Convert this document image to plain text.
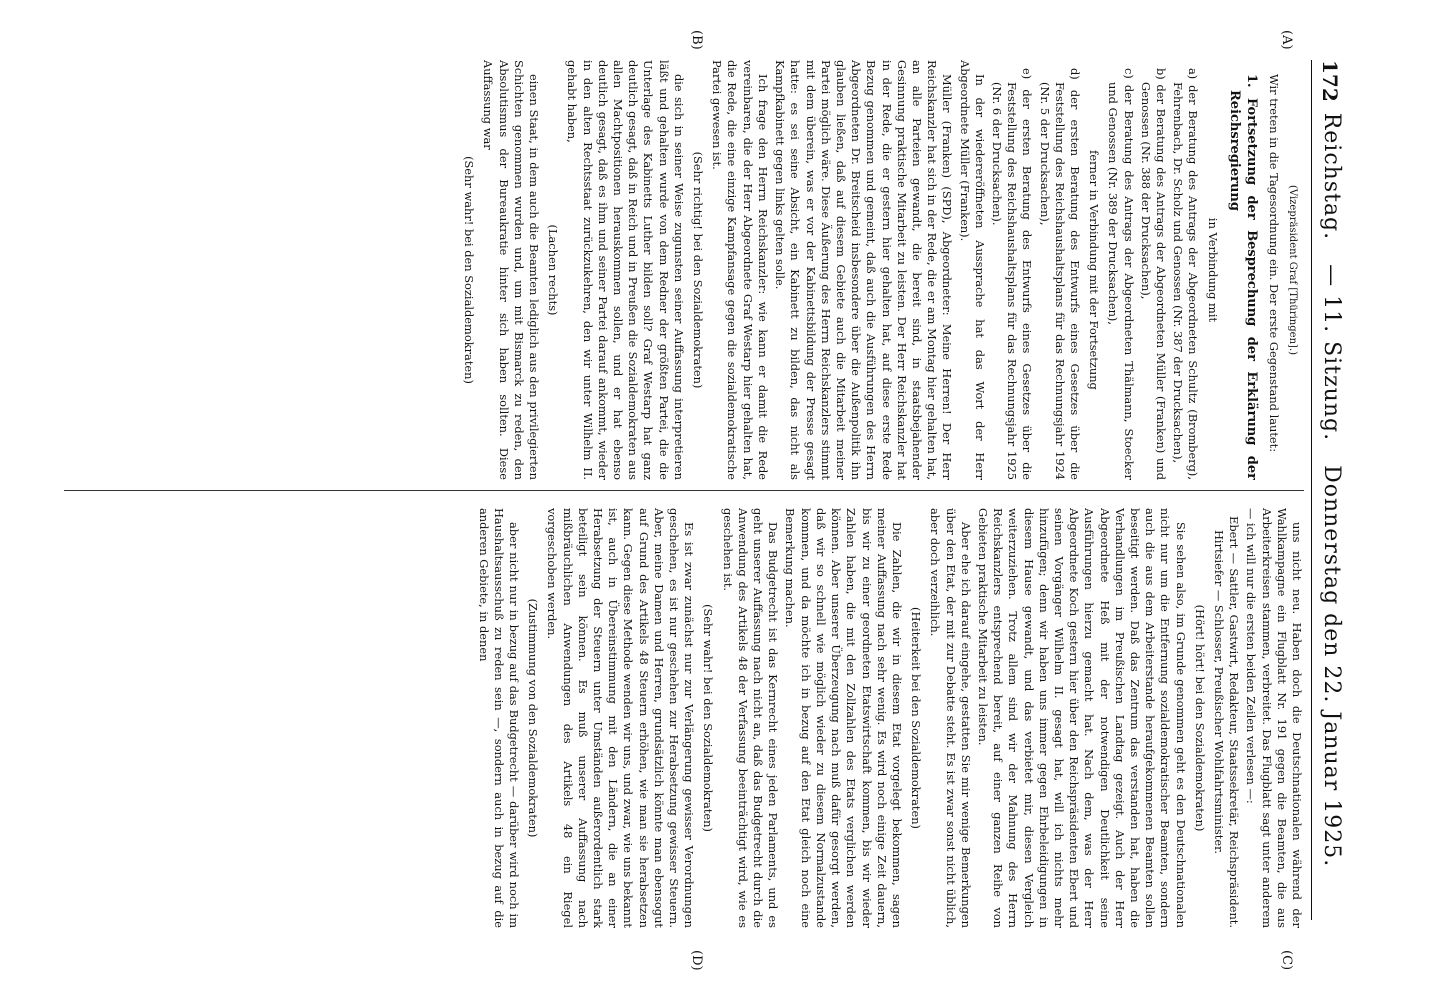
172
Reichstag. — 11. Sitzung. Donnerstag den 22. Januar 1925.
(A)
(B)
(C)
(D)

(Vizepräsident Graf [Thüringen].)

Wir treten in die Tagesordnung ein. Der erste Gegenstand lautet:

1. Fortsetzung der Besprechung der Erklärung der Reichsregierung

in Verbindung mit

a) der Beratung des Antrags der Abgeordneten Schultz (Bromberg), Fehrenbach, Dr. Scholz und Genossen (Nr. 387 der Drucksachen),

b) der Beratung des Antrags der Abgeordneten Müller (Franken) und Genossen (Nr. 388 der Drucksachen),

c) der Beratung des Antrags der Abgeordneten Thälmann, Stoecker und Genossen (Nr. 389 der Drucksachen),

ferner in Verbindung mit der Fortsetzung

d) der ersten Beratung des Entwurfs eines Gesetzes über die Feststellung des Reichshaushaltsplans für das Rechnungsjahr 1924 (Nr. 5 der Drucksachen),

e) der ersten Beratung des Entwurfs eines Gesetzes über die Feststellung des Reichshaushaltsplans für das Rechnungsjahr 1925 (Nr. 6 der Drucksachen).

In der wiedereröffneten Aussprache hat das Wort der Herr Abgeordnete Müller (Franken).

Müller (Franken) (SPD), Abgeordneter: Meine Herren! Der Herr Reichskanzler hat sich in der Rede, die er am Montag hier gehalten hat, an alle Parteien gewandt, die bereit sind, in staatsbejahender Gesinnung praktische Mitarbeit zu leisten. Der Herr Reichskanzler hat in der Rede, die er gestern hier gehalten hat, auf diese erste Rede Bezug genommen und gemeint, daß auch die Ausführungen des Herrn Abgeordneten Dr. Breitscheid insbesondere über die Außenpolitik ihn glauben ließen, daß auf diesem Gebiete auch die Mitarbeit meiner Partei möglich wäre. Diese Äußerung des Herrn Reichskanzlers stimmt mit dem überein, was er vor der Kabinettsbildung der Presse gesagt hatte: es sei seine Absicht, ein Kabinett zu bilden, das nicht als Kampfkabinett gegen links gelten solle.

Ich frage den Herrn Reichskanzler: wie kann er damit die Rede vereinbaren, die der Herr Abgeordnete Graf Westarp hier gehalten hat, die Rede, die eine einzige Kampfansage gegen die sozialdemokratische Partei gewesen ist.

(Sehr richtig! bei den Sozialdemokraten)

die sich in seiner Weise zugunsten seiner Auffassung interpretieren läßt und gehalten wurde von dem Redner der größten Partei, die die Unterlage des Kabinetts Luther bilden soll? Graf Westarp hat ganz deutlich gesagt, daß in Reich und in Preußen die Sozialdemokraten aus allen Machtpositionen herauskommen sollen, und er hat ebenso deutlich gesagt, daß es ihm und seiner Partei darauf ankommt, wieder in den alten Rechtsstaat zurückzukehren, den wir unter Wilhelm II. gehabt haben,

(Lachen rechts)

einen Staat, in dem auch die Beamten lediglich aus den privilegierten Schichten genommen wurden und, um mit Bismarck zu reden, den Absolutismus der Bureaukratie hinter sich haben sollten. Diese Auffassung war

(Sehr wahr! bei den Sozialdemokraten)

uns nicht neu. Haben doch die Deutschnationalen während der Wahlkampagne ein Flugblatt Nr. 191 gegen die Beamten, die aus Arbeiterkreisen stammen, verbreitet. Das Flugblatt sagt unter anderem — ich will nur die ersten beiden Zeilen verlesen —:

Ebert — Sattler, Gastwirt, Redakteur, Staatssekretär, Reichspräsident. Hirtsiefer — Schlosser, Preußischer Wohlfahrtsminister.

(Hört! hört! bei den Sozialdemokraten)

Sie sehen also, im Grunde genommen geht es den Deutschnationalen nicht nur um die Entfernung sozialdemokratischer Beamten, sondern auch die aus dem Arbeiterstande heraufgekommenen Beamten sollen beseitigt werden. Daß das Zentrum das verstanden hat, haben die Verhandlungen im Preußischen Landtag gezeigt. Auch der Herr Abgeordnete Heß mit der notwendigen Deutlichkeit seine Ausführungen hierzu gemacht hat. Nach dem, was der Herr Abgeordnete Koch gestern hier über den Reichspräsidenten Ebert und seinen Vorgänger Wilhelm II. gesagt hat, will ich nichts mehr hinzufügen; denn wir haben uns immer gegen Ehrbeleidigungen in diesem Hause gewandt, und das verbietet mir, diesen Vergleich weiterzuziehen. Trotz allem sind wir der Mahnung des Herrn Reichskanzlers entsprechend bereit, auf einer ganzen Reihe von Gebieten praktische Mitarbeit zu leisten.

Aber ehe ich darauf eingehe, gestatten Sie mir wenige Bemerkungen über den Etat, der mit zur Debatte steht. Es ist zwar sonst nicht üblich, aber doch verzeihlich.

(Heiterkeit bei den Sozialdemokraten)

Die Zahlen, die wir in diesem Etat vorgelegt bekommen, sagen meiner Auffassung nach sehr wenig. Es wird noch einige Zeit dauern, bis wir zu einer geordneten Etatswirtschaft kommen, bis wir wieder Zahlen haben, die mit den Zollzahlen des Etats verglichen werden können. Aber unserer Überzeugung nach muß dafür gesorgt werden, daß wir so schnell wie möglich wieder zu diesem Normalzustande kommen, und da möchte ich in bezug auf den Etat gleich noch eine Bemerkung machen.

Das Budgetrecht ist das Kernrecht eines jeden Parlaments, und es geht unserer Auffassung nach nicht an, daß das Budgetrecht durch die Anwendung des Artikels 48 der Verfassung beeinträchtigt wird, wie es geschehen ist.

(Sehr wahr! bei den Sozialdemokraten)

Es ist zwar zunächst nur zur Verlängerung gewisser Verordnungen geschehen, es ist nur geschehen zur Herabsetzung gewisser Steuern. Aber, meine Damen und Herren, grundsätzlich könnte man ebensogut auf Grund des Artikels 48 Steuern erhöhen, wie man sie herabsetzen kann. Gegen diese Methode wenden wir uns, und zwar, wie uns bekannt ist, auch in Übereinstimmung mit den Ländern, die an einer Herabsetzung der Steuern unter Umständen außerordentlich stark beteiligt sein können. Es muß unserer Auffassung nach mißbräuchlichen Anwendungen des Artikels 48 ein Riegel vorgeschoben werden.

(Zustimmung von den Sozialdemokraten)

aber nicht nur in bezug auf das Budgetrecht — darüber wird noch im Haushaltsausschuß zu reden sein —, sondern auch in bezug auf die anderen Gebiete, in denen
